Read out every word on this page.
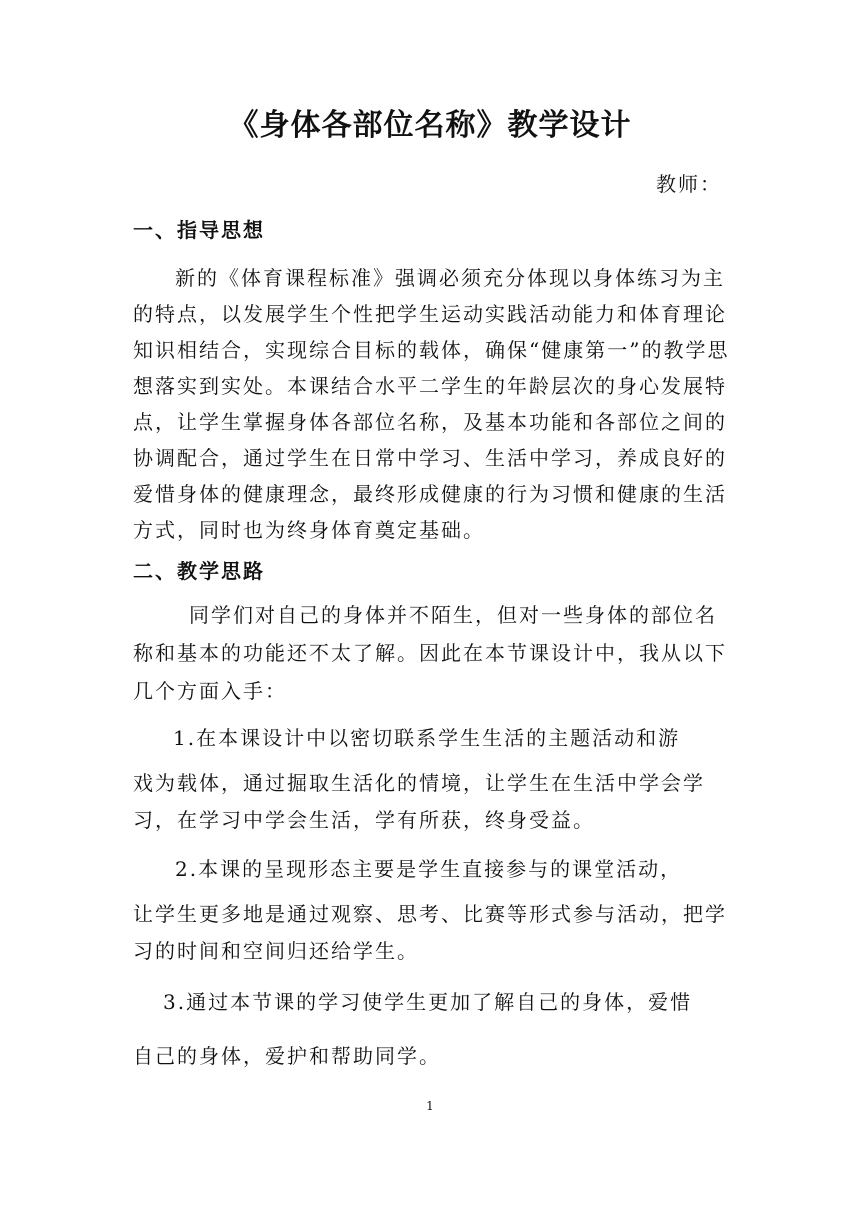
《身体各部位名称》教学设计
教师：
一、指导思想

新的《体育课程标准》强调必须充分体现以身体练习为主的特点，以发展学生个性把学生运动实践活动能力和体育理论知识相结合，实现综合目标的载体，确保“健康第一”的教学思想落实到实处。本课结合水平二学生的年龄层次的身心发展特点，让学生掌握身体各部位名称，及基本功能和各部位之间的协调配合，通过学生在日常中学习、生活中学习，养成良好的爱惜身体的健康理念，最终形成健康的行为习惯和健康的生活方式，同时也为终身体育奠定基础。

二、教学思路

同学们对自己的身体并不陌生，但对一些身体的部位名称和基本的功能还不太了解。因此在本节课设计中，我从以下几个方面入手：

1.在本课设计中以密切联系学生生活的主题活动和游

戏为载体，通过掘取生活化的情境，让学生在生活中学会学习，在学习中学会生活，学有所获，终身受益。

2.本课的呈现形态主要是学生直接参与的课堂活动，

让学生更多地是通过观察、思考、比赛等形式参与活动，把学习的时间和空间归还给学生。

3.通过本节课的学习使学生更加了解自己的身体，爱惜

自己的身体，爱护和帮助同学。

1
